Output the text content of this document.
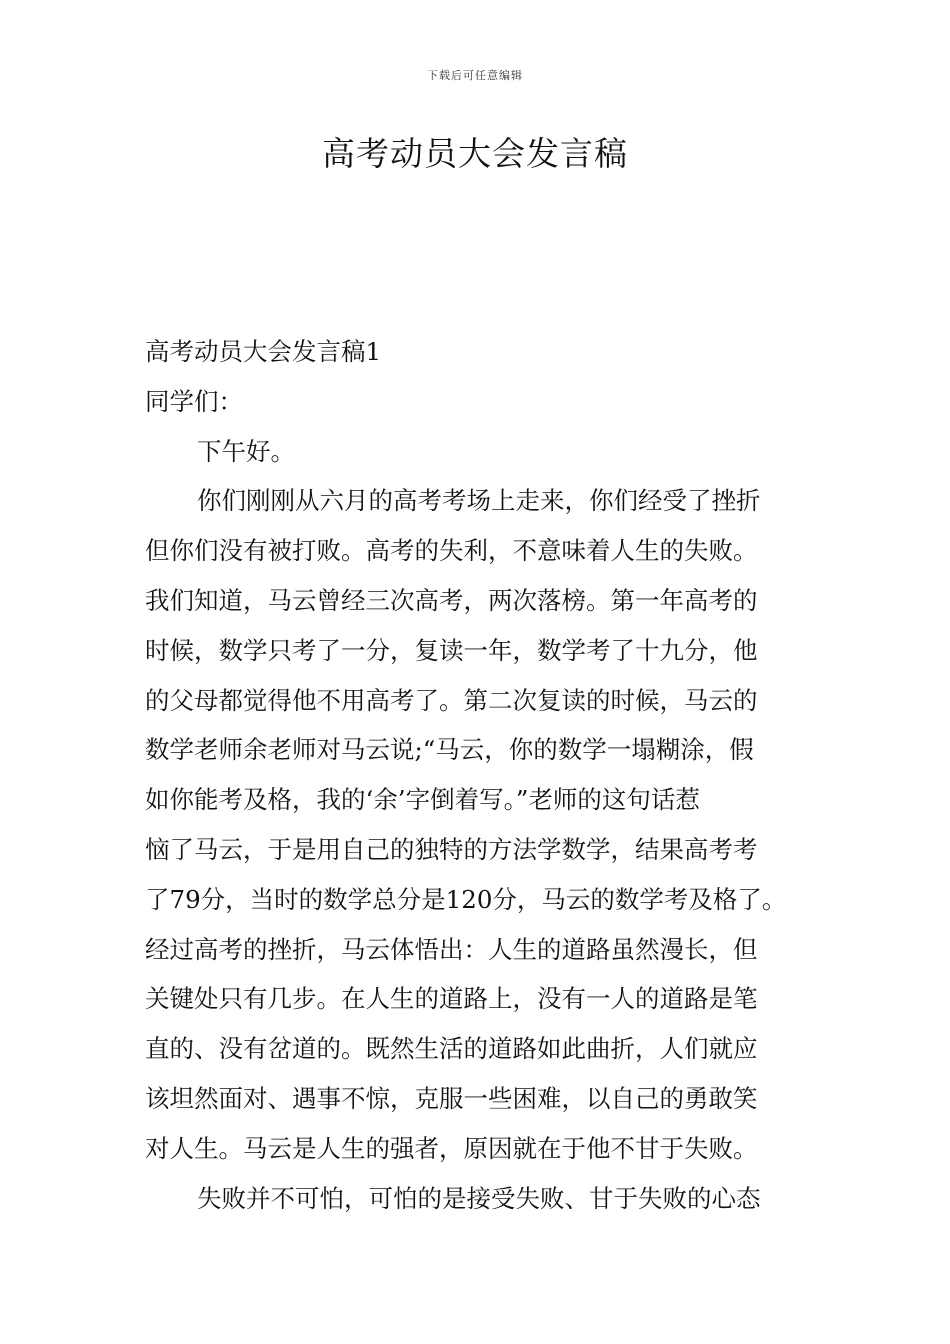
下载后可任意编辑
高考动员大会发言稿
高考动员大会发言稿1
同学们：
下午好。
你们刚刚从六月的高考考场上走来，你们经受了挫折
但你们没有被打败。高考的失利，不意味着人生的失败。
我们知道，马云曾经三次高考，两次落榜。第一年高考的
时候，数学只考了一分，复读一年，数学考了十九分，他
的父母都觉得他不用高考了。第二次复读的时候，马云的
数学老师余老师对马云说;“马云，你的数学一塌糊涂，假
如你能考及格，我的‘余’字倒着写。”老师的这句话惹
恼了马云，于是用自己的独特的方法学数学，结果高考考
了79分，当时的数学总分是120分，马云的数学考及格了。
经过高考的挫折，马云体悟出：人生的道路虽然漫长，但
关键处只有几步。在人生的道路上，没有一人的道路是笔
直的、没有岔道的。既然生活的道路如此曲折，人们就应
该坦然面对、遇事不惊，克服一些困难，以自己的勇敢笑
对人生。马云是人生的强者，原因就在于他不甘于失败。
失败并不可怕，可怕的是接受失败、甘于失败的心态
